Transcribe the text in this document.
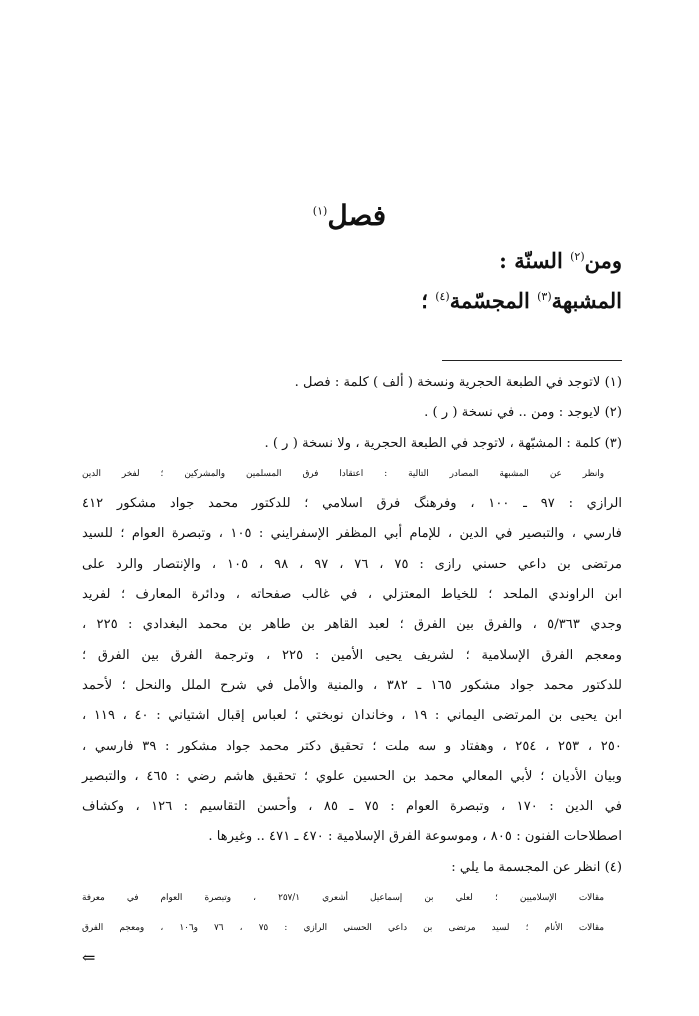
فصل$^{(١)}$
ومن$^{(٢)}$ السنّة :
المشبهة$^{(٣)}$ المجسّمة$^{(٤)}$ ؛
(١) لاتوجد في الطبعة الحجرية ونسخة ( ألف ) كلمة : فصل .
(٢) لايوجد : ومن .. في نسخة ( ر ) .
(٣) كلمة : المشبّهة ، لاتوجد في الطبعة الحجرية ، ولا نسخة ( ر ) .
وانظر عن المشبهة المصادر التالية : اعتقادا فرق المسلمين والمشركين ؛ لفخر الدين
الرازي : ٩٧ ـ ١٠٠ ، وفرهنگ فرق اسلامي ؛ للدكتور محمد جواد مشكور ٤١٢
فارسي ، والتبصير في الدين ، للإمام أبي المظفر الإسفرايني : ١٠٥ ، وتبصرة العوام ؛ للسيد
مرتضى بن داعي حسني رازى : ٧٥ ، ٧٦ ، ٩٧ ، ٩٨ ، ١٠٥ ، والإنتصار والرد على
ابن الراوندي الملحد ؛ للخياط المعتزلي ، في غالب صفحاته ، ودائرة المعارف ؛ لفريد
وجدي ٥/٣٦٣ ، والفرق بين الفرق ؛ لعبد القاهر بن طاهر بن محمد البغدادي : ٢٢٥ ،
ومعجم الفرق الإسلامية ؛ لشريف يحيى الأمين : ٢٢٥ ، وترجمة الفرق بين الفرق ؛
للدكتور محمد جواد مشكور ١٦٥ ـ ٣٨٢ ، والمنية والأمل في شرح الملل والنحل ؛ لأحمد
ابن يحيى بن المرتضى اليماني : ١٩ ، وخاندان نوبختي ؛ لعباس إقبال اشتياني : ٤٠ ، ١١٩ ،
٢٥٠ ، ٢٥٣ ، ٢٥٤ ، وهفتاد و سه ملت ؛ تحقيق دكتر محمد جواد مشكور : ٣٩ فارسي ،
وبيان الأديان ؛ لأبي المعالي محمد بن الحسين علوي ؛ تحقيق هاشم رضي : ٤٦٥ ، والتبصير
في الدين : ١٧٠ ، وتبصرة العوام : ٧٥ ـ ٨٥ ، وأحسن التقاسيم : ١٢٦ ، وكشاف
اصطلاحات الفنون : ٨٠٥ ، وموسوعة الفرق الإسلامية : ٤٧٠ ـ ٤٧١ .. وغيرها .
(٤) انظر عن المجسمة ما يلي :
مقالات الإسلاميين ؛ لعلي بن إسماعيل أشعري ٢٥٧/١ ، وتبصرة العوام في معرفة
مقالات الأنام ؛ لسيد مرتضى بن داعي الحسني الرازي : ٧٥ ، ٧٦ و١٠٦ ، ومعجم الفرق
⇐
